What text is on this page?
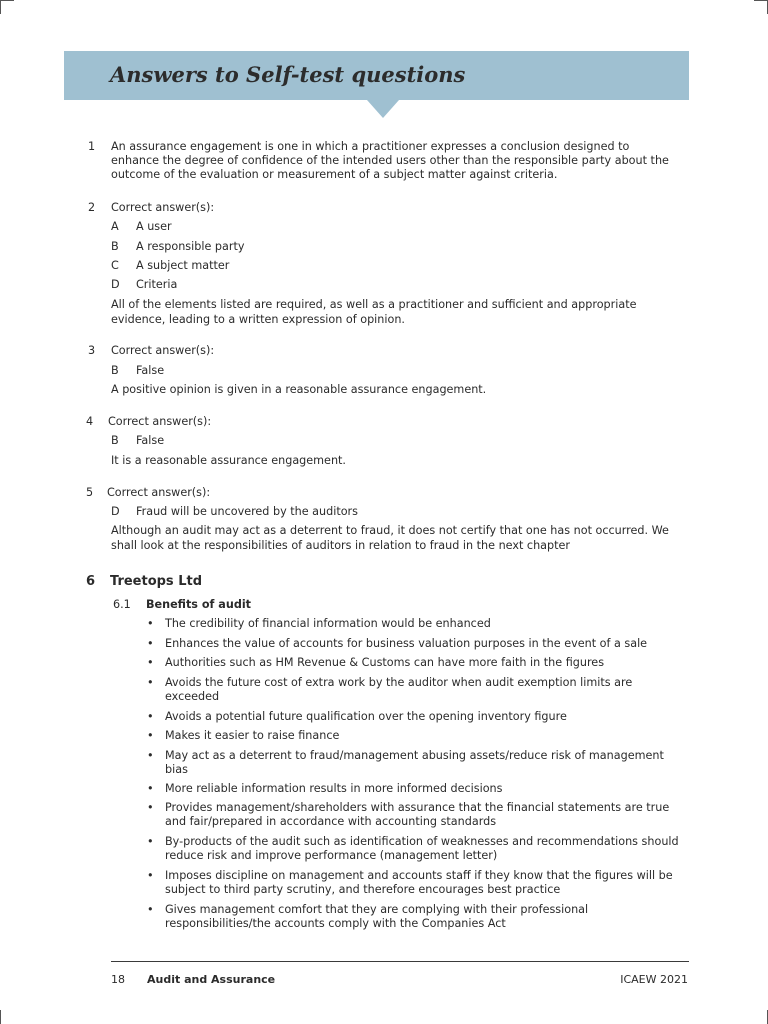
Answers to Self-test questions
1 An assurance engagement is one in which a practitioner expresses a conclusion designed to

enhance the degree of confidence of the intended users other than the responsible party about the

outcome of the evaluation or measurement of a subject matter against criteria.

2 Correct answer(s):
A A user
B A responsible party
C A subject matter
D Criteria

All of the elements listed are required, as well as a practitioner and sufficient and appropriate

evidence, leading to a written expression of opinion.

3 Correct answer(s):
B False

A positive opinion is given in a reasonable assurance engagement.

4 Correct answer(s):
B False

It is a reasonable assurance engagement.

5 Correct answer(s):
D Fraud will be uncovered by the auditors

Although an audit may act as a deterrent to fraud, it does not certify that one has not occurred. We

shall look at the responsibilities of auditors in relation to fraud in the next chapter

6 Treetops Ltd
6.1 Benefits of audit
• The credibility of financial information would be enhanced
• Enhances the value of accounts for business valuation purposes in the event of a sale
• Authorities such as HM Revenue & Customs can have more faith in the figures
• Avoids the future cost of extra work by the auditor when audit exemption limits are
exceeded
• Avoids a potential future qualification over the opening inventory figure
• Makes it easier to raise finance
• May act as a deterrent to fraud/management abusing assets/reduce risk of management
bias
• More reliable information results in more informed decisions
• Provides management/shareholders with assurance that the financial statements are true
and fair/prepared in accordance with accounting standards
• By-products of the audit such as identification of weaknesses and recommendations should
reduce risk and improve performance (management letter)
• Imposes discipline on management and accounts staff if they know that the figures will be
subject to third party scrutiny, and therefore encourages best practice
• Gives management comfort that they are complying with their professional
responsibilities/the accounts comply with the Companies Act
18 Audit and Assurance	ICAEW 2021
